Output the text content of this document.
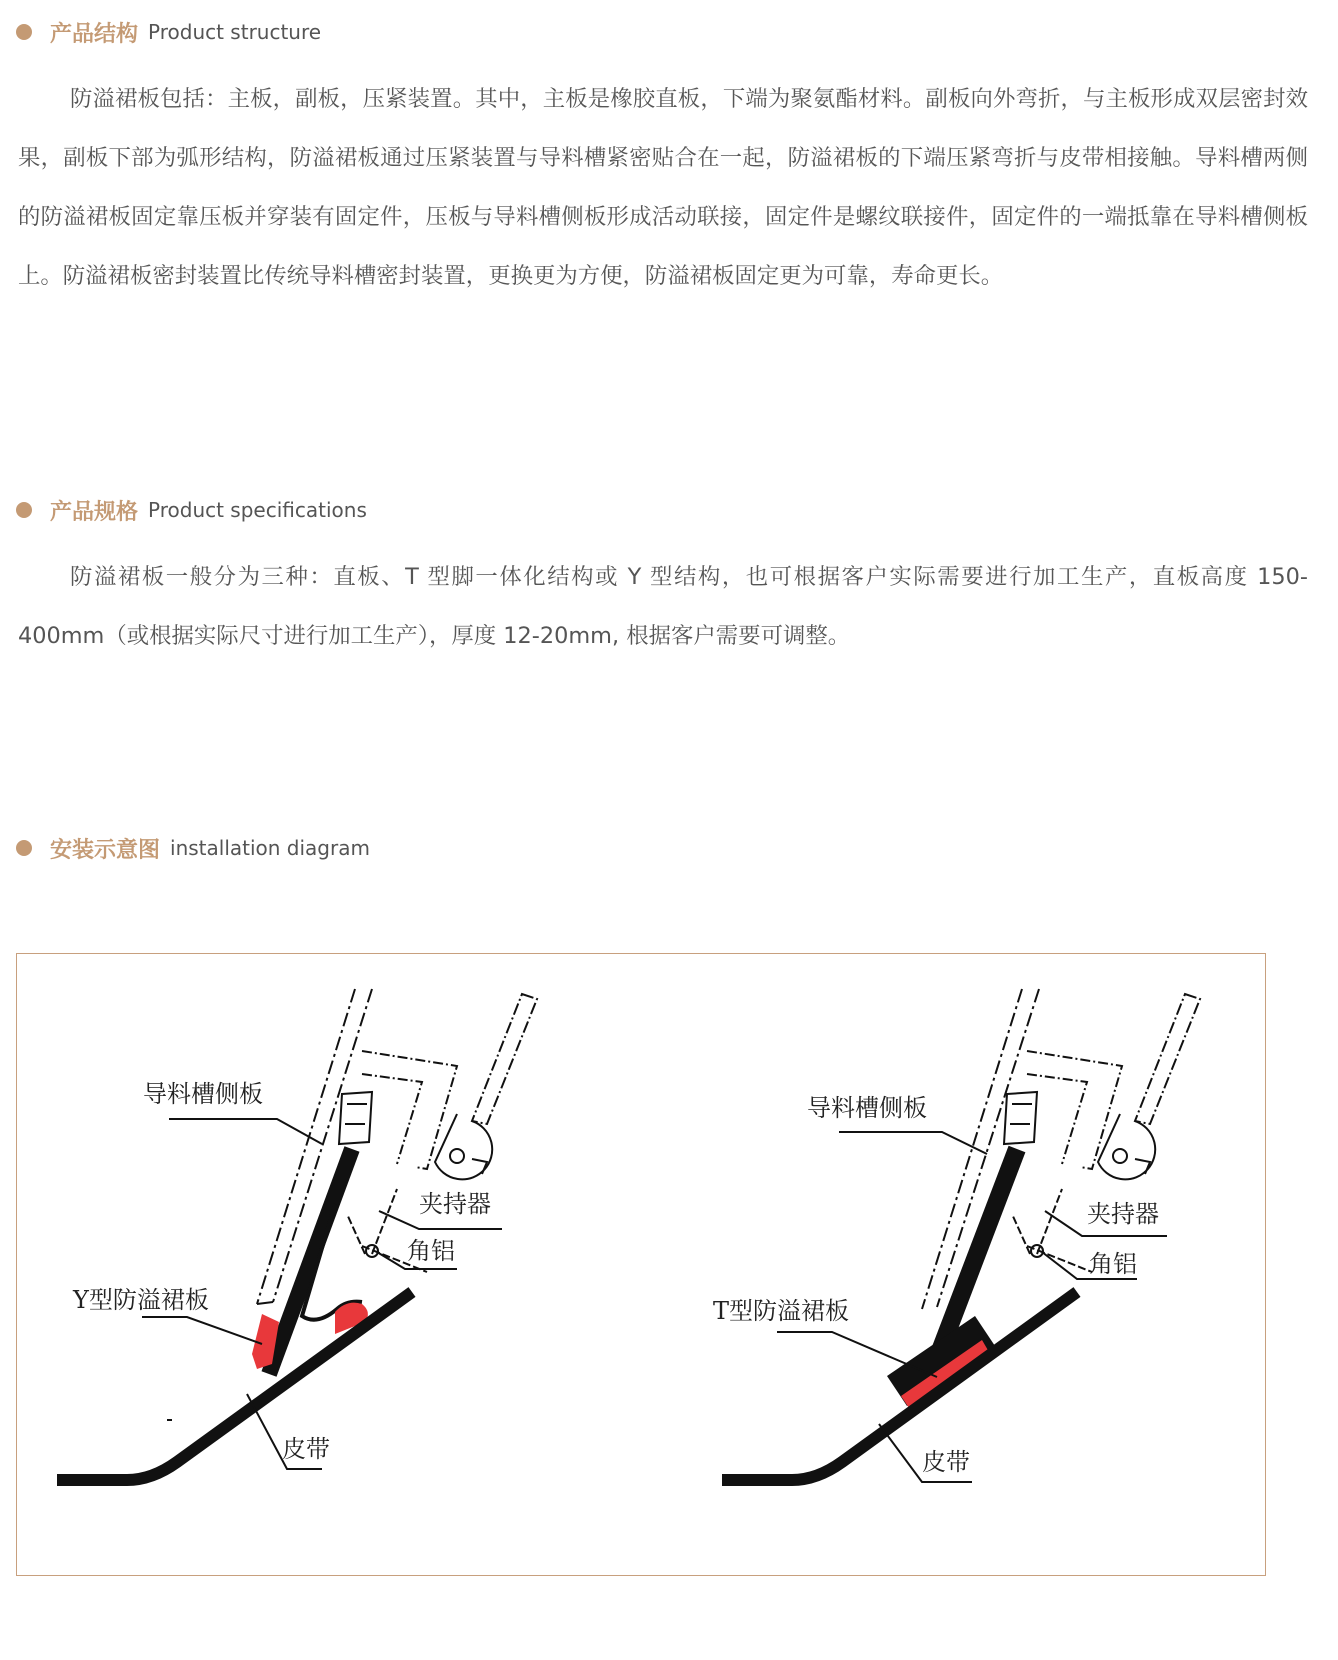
产品结构 Product structure

防溢裙板包括：主板，副板，压紧装置。其中，主板是橡胶直板，下端为聚氨酯材料。副板向外弯折，与主板形成双层密封效果，副板下部为弧形结构，防溢裙板通过压紧装置与导料槽紧密贴合在一起，防溢裙板的下端压紧弯折与皮带相接触。导料槽两侧的防溢裙板固定靠压板并穿装有固定件，压板与导料槽侧板形成活动联接，固定件是螺纹联接件，固定件的一端抵靠在导料槽侧板上。防溢裙板密封装置比传统导料槽密封装置，更换更为方便，防溢裙板固定更为可靠，寿命更长。

产品规格 Product specifications

防溢裙板一般分为三种：直板、T 型脚一体化结构或 Y 型结构，也可根据客户实际需要进行加工生产，直板高度 150-400mm（或根据实际尺寸进行加工生产），厚度 12-20mm, 根据客户需要可调整。

安装示意图 installation diagram
导料槽侧板
夹持器
角铝
Y型防溢裙板
皮带
导料槽侧板
夹持器
角铝
T型防溢裙板
皮带
